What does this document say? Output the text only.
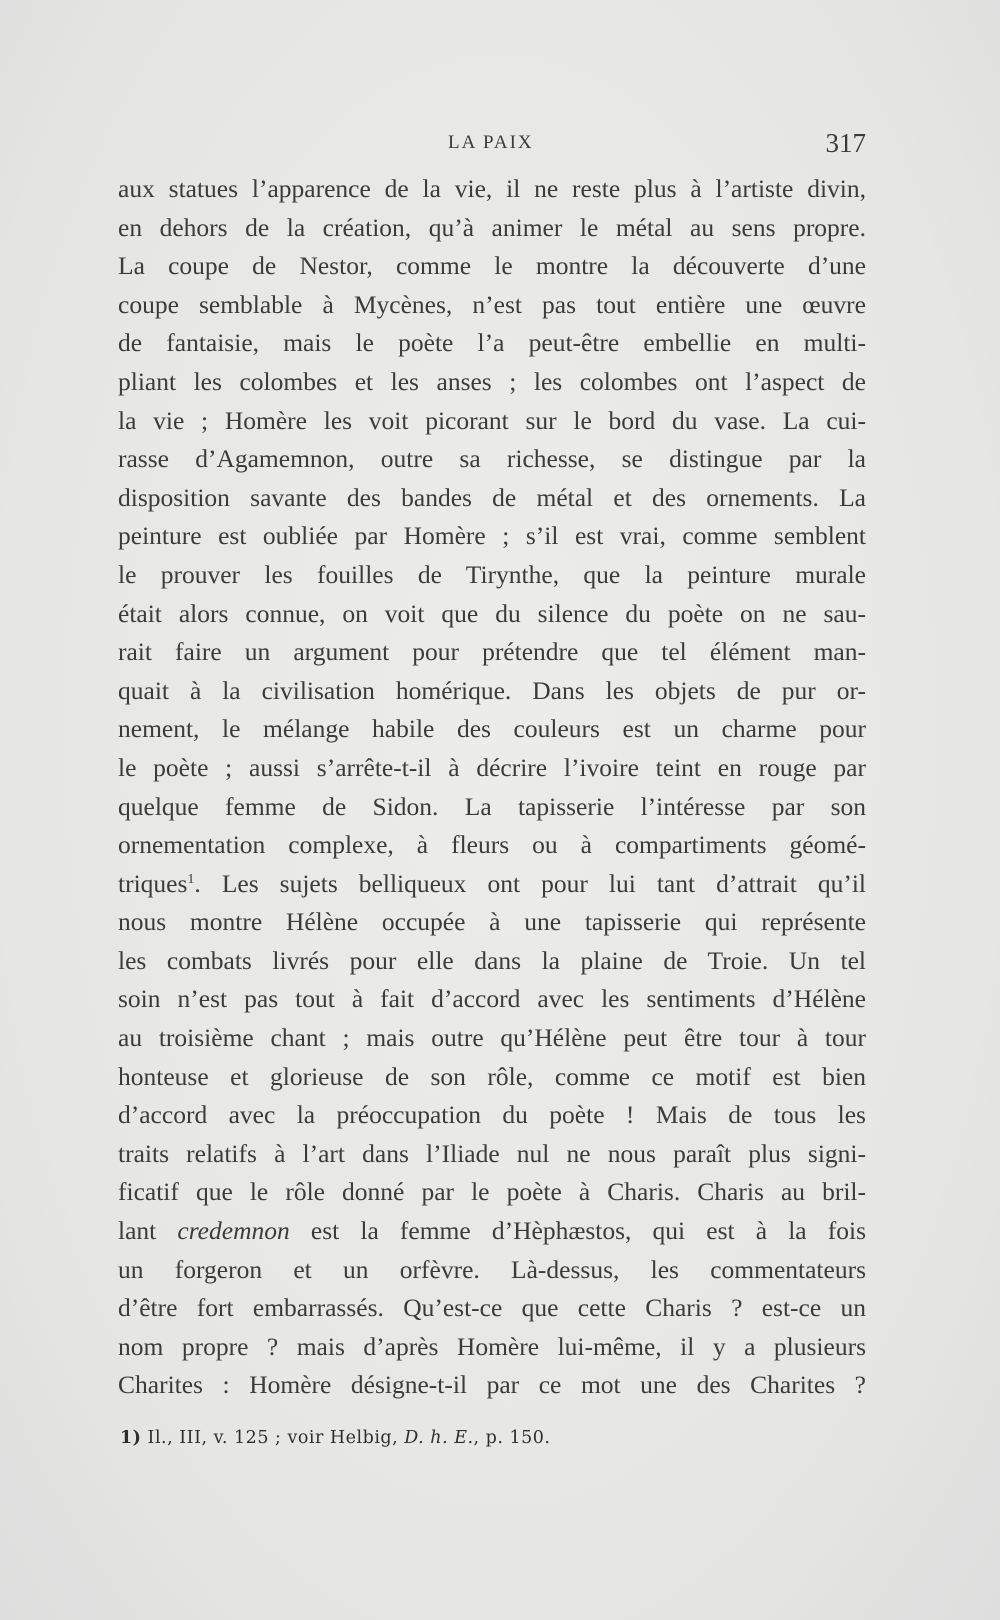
LA PAIX	317
aux statues l’apparence de la vie, il ne reste plus à l’artiste divin,
en dehors de la création, qu’à animer le métal au sens propre.
La coupe de Nestor, comme le montre la découverte d’une
coupe semblable à Mycènes, n’est pas tout entière une œuvre
de fantaisie, mais le poète l’a peut-être embellie en multi-
pliant les colombes et les anses ; les colombes ont l’aspect de
la vie ; Homère les voit picorant sur le bord du vase. La cui-
rasse d’Agamemnon, outre sa richesse, se distingue par la
disposition savante des bandes de métal et des ornements. La
peinture est oubliée par Homère ; s’il est vrai, comme semblent
le prouver les fouilles de Tirynthe, que la peinture murale
était alors connue, on voit que du silence du poète on ne sau-
rait faire un argument pour prétendre que tel élément man-
quait à la civilisation homérique. Dans les objets de pur or-
nement, le mélange habile des couleurs est un charme pour
le poète ; aussi s’arrête-t-il à décrire l’ivoire teint en rouge par
quelque femme de Sidon. La tapisserie l’intéresse par son
ornementation complexe, à fleurs ou à compartiments géomé-
triques$^1$. Les sujets belliqueux ont pour lui tant d’attrait qu’il
nous montre Hélène occupée à une tapisserie qui représente
les combats livrés pour elle dans la plaine de Troie. Un tel
soin n’est pas tout à fait d’accord avec les sentiments d’Hélène
au troisième chant ; mais outre qu’Hélène peut être tour à tour
honteuse et glorieuse de son rôle, comme ce motif est bien
d’accord avec la préoccupation du poète ! Mais de tous les
traits relatifs à l’art dans l’Iliade nul ne nous paraît plus signi-
ficatif que le rôle donné par le poète à Charis. Charis au bril-
lant credemnon est la femme d’Hèphæstos, qui est à la fois
un forgeron et un orfèvre. Là-dessus, les commentateurs
d’être fort embarrassés. Qu’est-ce que cette Charis ? est-ce un
nom propre ? mais d’après Homère lui-même, il y a plusieurs
Charites : Homère désigne-t-il par ce mot une des Charites ?
1) Il., III, v. 125 ; voir Helbig, D. h. E., p. 150.
